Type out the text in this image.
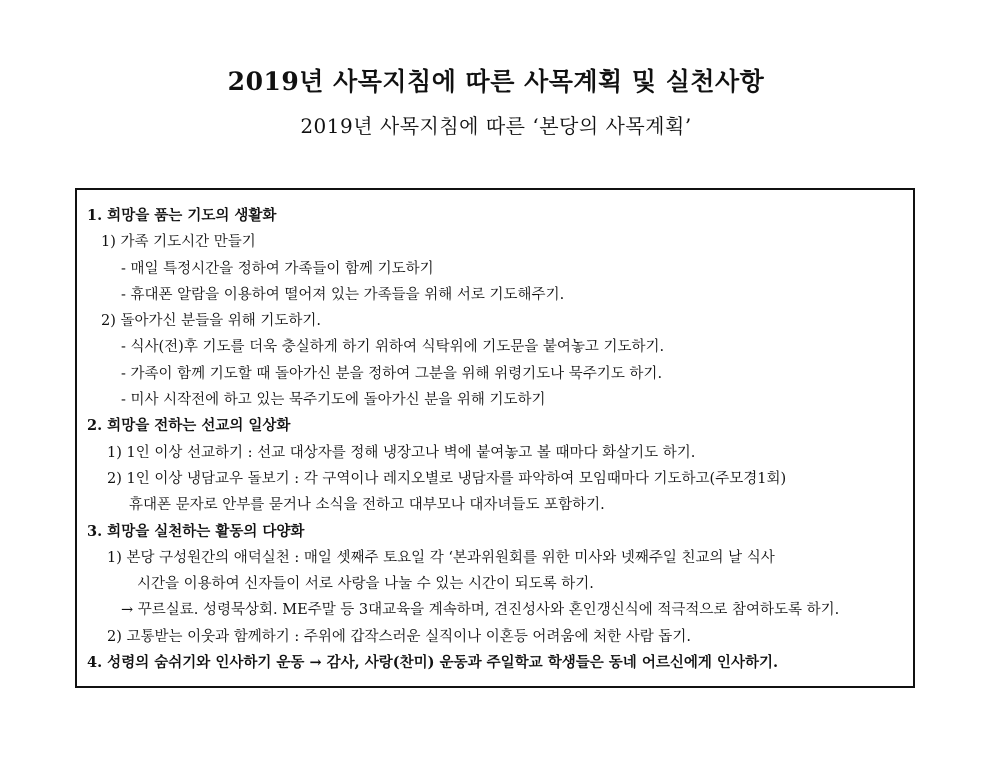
2019년 사목지침에 따른 사목계획 및 실천사항
2019년 사목지침에 따른 ‘본당의 사목계획’
1. 희망을 품는 기도의 생활화
1) 가족 기도시간 만들기
- 매일 특정시간을 정하여 가족들이 함께 기도하기
- 휴대폰 알람을 이용하여 떨어져 있는 가족들을 위해 서로 기도해주기.
2) 돌아가신 분들을 위해 기도하기.
- 식사(전)후 기도를 더욱 충실하게 하기 위하여 식탁위에 기도문을 붙여놓고 기도하기.
- 가족이 함께 기도할 때 돌아가신 분을 정하여 그분을 위해 위령기도나 묵주기도 하기.
- 미사 시작전에 하고 있는 묵주기도에 돌아가신 분을 위해 기도하기
2. 희망을 전하는 선교의 일상화
1) 1인 이상 선교하기 : 선교 대상자를 정해 냉장고나 벽에 붙여놓고 볼 때마다 화살기도 하기.
2) 1인 이상 냉담교우 돌보기 : 각 구역이나 레지오별로 냉담자를 파악하여 모임때마다 기도하고(주모경1회)
휴대폰 문자로 안부를 묻거나 소식을 전하고 대부모나 대자녀들도 포함하기.
3. 희망을 실천하는 활동의 다양화
1) 본당 구성원간의 애덕실천 : 매일 셋째주 토요일 각 ‘본과위원회를 위한 미사와 넷째주일 친교의 날 식사
시간을 이용하여 신자들이 서로 사랑을 나눌 수 있는 시간이 되도록 하기.
→ 꾸르실료. 성령묵상회. ME주말 등 3대교육을 계속하며, 견진성사와 혼인갱신식에 적극적으로 참여하도록 하기.
2) 고통받는 이웃과 함께하기 : 주위에 갑작스러운 실직이나 이혼등 어려움에 처한 사람 돕기.
4. 성령의 숨쉬기와 인사하기 운동 → 감사, 사랑(찬미) 운동과 주일학교 학생들은 동네 어르신에게 인사하기.
